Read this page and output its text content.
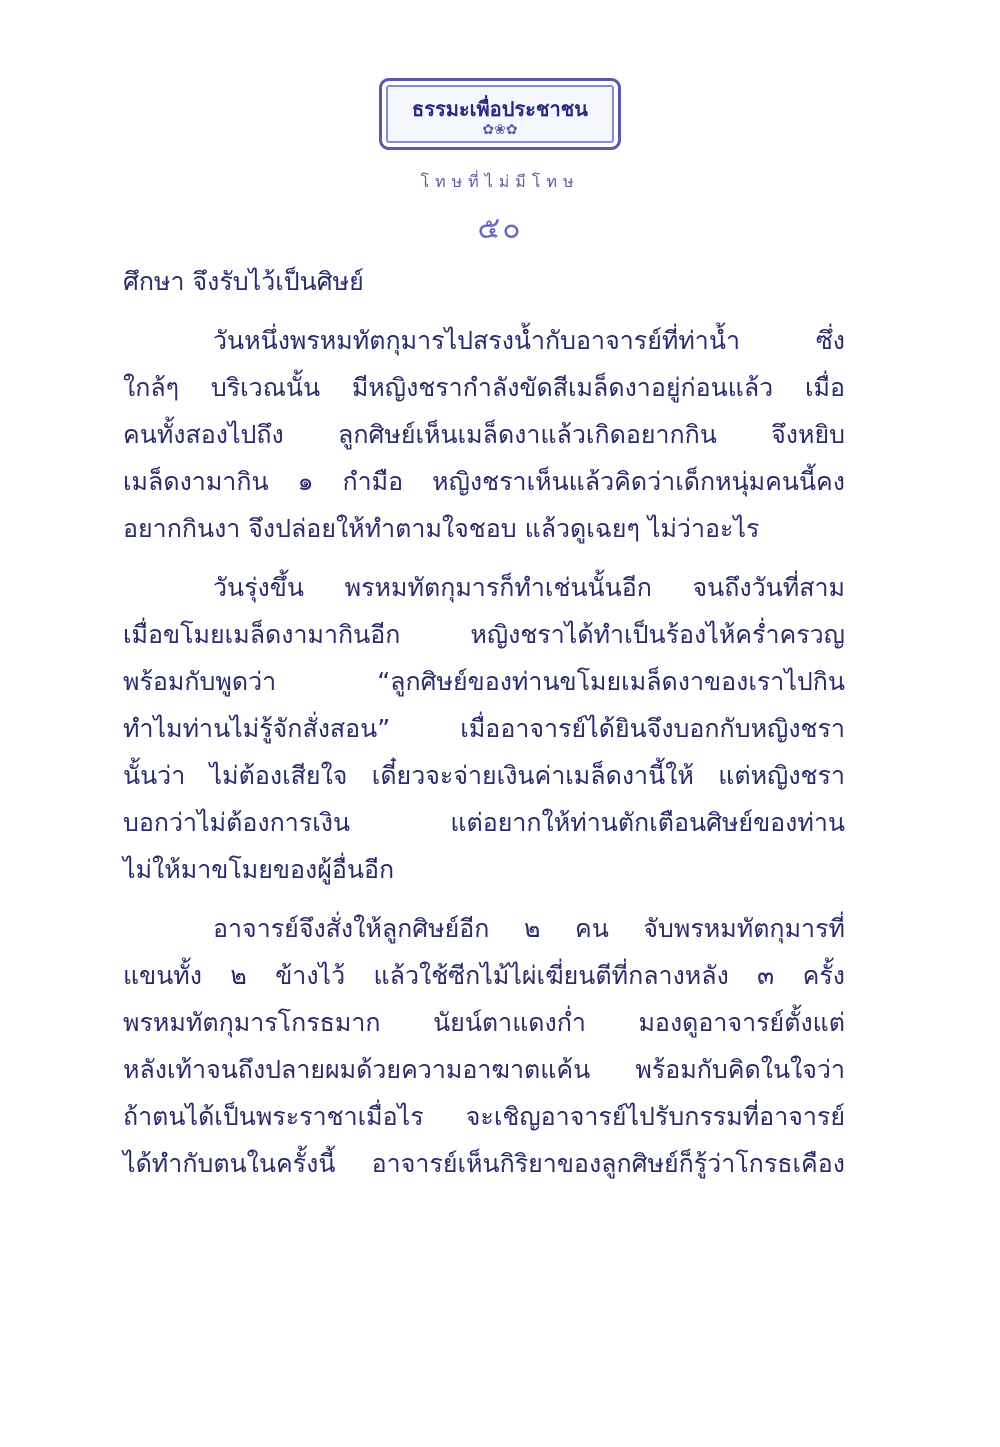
ธรรมะเพื่อประชาชน
✿❀✿
โทษที่ไม่มีโทษ
๕๐
ศึกษา จึงรับไว้เป็นศิษย์
วันหนึ่งพรหมทัตกุมารไปสรงน้ำกับอาจารย์ที่ท่าน้ำ ซึ่ง
ใกล้ๆ บริเวณนั้น มีหญิงชรากำลังขัดสีเมล็ดงาอยู่ก่อนแล้ว เมื่อ
คนทั้งสองไปถึง ลูกศิษย์เห็นเมล็ดงาแล้วเกิดอยากกิน จึงหยิบ
เมล็ดงามากิน ๑ กำมือ หญิงชราเห็นแล้วคิดว่าเด็กหนุ่มคนนี้คง
อยากกินงา จึงปล่อยให้ทำตามใจชอบ แล้วดูเฉยๆ ไม่ว่าอะไร
วันรุ่งขึ้น พรหมทัตกุมารก็ทำเช่นนั้นอีก จนถึงวันที่สาม
เมื่อขโมยเมล็ดงามากินอีก หญิงชราได้ทำเป็นร้องไห้คร่ำครวญ
พร้อมกับพูดว่า “ลูกศิษย์ของท่านขโมยเมล็ดงาของเราไปกิน
ทำไมท่านไม่รู้จักสั่งสอน” เมื่ออาจารย์ได้ยินจึงบอกกับหญิงชรา
นั้นว่า ไม่ต้องเสียใจ เดี๋ยวจะจ่ายเงินค่าเมล็ดงานี้ให้ แต่หญิงชรา
บอกว่าไม่ต้องการเงิน แต่อยากให้ท่านตักเตือนศิษย์ของท่าน
ไม่ให้มาขโมยของผู้อื่นอีก
อาจารย์จึงสั่งให้ลูกศิษย์อีก ๒ คน จับพรหมทัตกุมารที่
แขนทั้ง ๒ ข้างไว้ แล้วใช้ซีกไม้ไผ่เฆี่ยนตีที่กลางหลัง ๓ ครั้ง
พรหมทัตกุมารโกรธมาก นัยน์ตาแดงก่ำ มองดูอาจารย์ตั้งแต่
หลังเท้าจนถึงปลายผมด้วยความอาฆาตแค้น พร้อมกับคิดในใจว่า
ถ้าตนได้เป็นพระราชาเมื่อไร จะเชิญอาจารย์ไปรับกรรมที่อาจารย์
ได้ทำกับตนในครั้งนี้ อาจารย์เห็นกิริยาของลูกศิษย์ก็รู้ว่าโกรธเคือง
